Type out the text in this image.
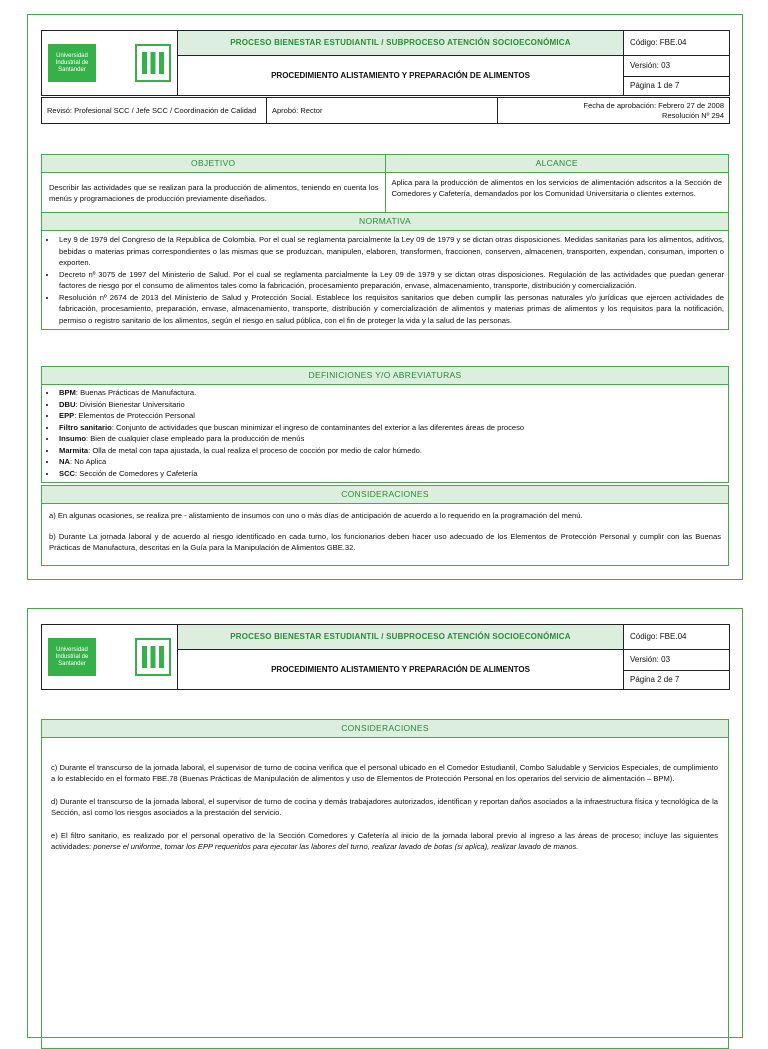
Universidad Industrial de Santander	PROCESO BIENESTAR ESTUDIANTIL / SUBPROCESO ATENCIÓN SOCIOECONÓMICA	Código: FBE.04
	PROCEDIMIENTO ALISTAMIENTO Y PREPARACIÓN DE ALIMENTOS	Versión: 03
Página 1 de 7
Revisó: Profesional SCC / Jefe SCC / Coordinación de Calidad	Aprobó: Rector	
Fecha de aprobación: Febrero 27 de 2008
Resolución Nº 294
OBJETIVO
Describir las actividades que se realizan para la producción de alimentos, teniendo en cuenta los menús y programaciones de producción previamente diseñados.
ALCANCE
Aplica para la producción de alimentos en los servicios de alimentación adscritos a la Sección de Comedores y Cafetería, demandados por los Comunidad Universitaria o clientes externos.
NORMATIVA
• Ley 9 de 1979 del Congreso de la Republica de Colombia. Por el cual se reglamenta parcialmente la Ley 09 de 1979 y se dictan otras disposiciones. Medidas sanitarias para los alimentos, aditivos, bebidas o materias primas correspondientes o las mismas que se produzcan, manipulen, elaboren, transformen, fraccionen, conserven, almacenen, transporten, expendan, consuman, importen o exporten.
• Decreto nº 3075 de 1997 del Ministerio de Salud. Por el cual se reglamenta parcialmente la Ley 09 de 1979 y se dictan otras disposiciones. Regulación de las actividades que puedan generar factores de riesgo por el consumo de alimentos tales como la fabricación, procesamiento preparación, envase, almacenamiento, transporte, distribución y comercialización.
• Resolución nº 2674 de 2013 del Ministerio de Salud y Protección Social. Establece los requisitos sanitarios que deben cumplir las personas naturales y/o jurídicas que ejercen actividades de fabricación, procesamiento, preparación, envase, almacenamiento, transporte, distribución y comercialización de alimentos y materias primas de alimentos y los requisitos para la notificación, permiso o registro sanitario de los alimentos, según el riesgo en salud pública, con el fin de proteger la vida y la salud de las personas.
DEFINICIONES Y/O ABREVIATURAS
• BPM: Buenas Prácticas de Manufactura.
• DBU: División Bienestar Universitario
• EPP: Elementos de Protección Personal
• Filtro sanitario: Conjunto de actividades que buscan minimizar el ingreso de contaminantes del exterior a las diferentes áreas de proceso
• Insumo: Bien de cualquier clase empleado para la producción de menús
• Marmita: Olla de metal con tapa ajustada, la cual realiza el proceso de cocción por medio de calor húmedo.
• NA: No Aplica
• SCC: Sección de Comedores y Cafetería
CONSIDERACIONES

a) En algunas ocasiones, se realiza pre - alistamiento de insumos con uno o más días de anticipación de acuerdo a lo requerido en la programación del menú.

b) Durante La jornada laboral y de acuerdo al riesgo identificado en cada turno, los funcionarios deben hacer uso adecuado de los Elementos de Protección Personal y cumplir con las Buenas Prácticas de Manufactura, descritas en la Guía para la Manipulación de Alimentos GBE.32.

Universidad Industrial de Santander	PROCESO BIENESTAR ESTUDIANTIL / SUBPROCESO ATENCIÓN SOCIOECONÓMICA	Código: FBE.04
	PROCEDIMIENTO ALISTAMIENTO Y PREPARACIÓN DE ALIMENTOS	Versión: 03
Página 2 de 7
CONSIDERACIONES

c) Durante el transcurso de la jornada laboral, el supervisor de turno de cocina verifica que el personal ubicado en el Comedor Estudiantil, Combo Saludable y Servicios Especiales, de cumplimiento a lo establecido en el formato FBE.78 (Buenas Prácticas de Manipulación de alimentos y uso de Elementos de Protección Personal en los operarios del servicio de alimentación – BPM).

d) Durante el transcurso de la jornada laboral, el supervisor de turno de cocina y demás trabajadores autorizados, identifican y reportan daños asociados a la infraestructura física y tecnológica de la Sección, así como los riesgos asociados a la prestación del servicio.

e) El filtro sanitario, es realizado por el personal operativo de la Sección Comedores y Cafetería al inicio de la jornada laboral previo al ingreso a las áreas de proceso; incluye las siguientes actividades: ponerse el uniforme, tomar los EPP requeridos para ejecutar las labores del turno, realizar lavado de botas (si aplica), realizar lavado de manos.
